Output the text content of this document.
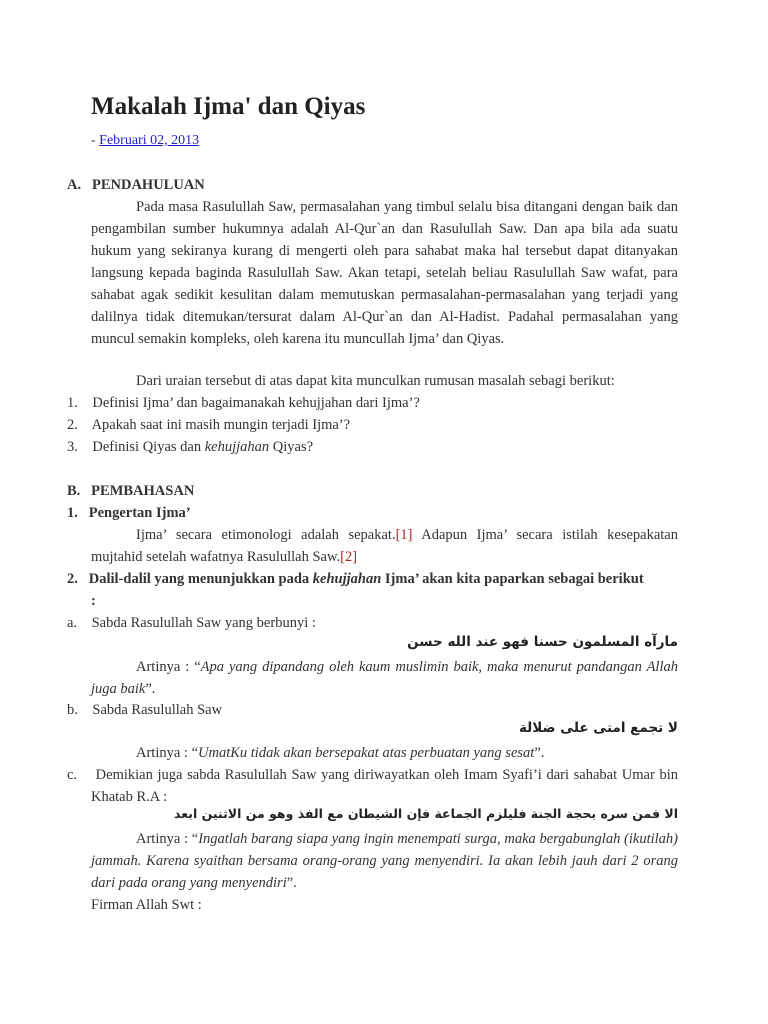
Makalah Ijma' dan Qiyas
- Februari 02, 2013
A. PENDAHULUAN

Pada masa Rasulullah Saw, permasalahan yang timbul selalu bisa ditangani dengan baik dan pengambilan sumber hukumnya adalah Al-Qur`an dan Rasulullah Saw. Dan apa bila ada suatu hukum yang sekiranya kurang di mengerti oleh para sahabat maka hal tersebut dapat ditanyakan langsung kepada baginda Rasulullah Saw. Akan tetapi, setelah beliau Rasulullah Saw wafat, para sahabat agak sedikit kesulitan dalam memutuskan permasalahan-permasalahan yang terjadi yang dalilnya tidak ditemukan/tersurat dalam Al-Qur`an dan Al-Hadist. Padahal permasalahan yang muncul semakin kompleks, oleh karena itu muncullah Ijma’ dan Qiyas.

Dari uraian tersebut di atas dapat kita munculkan rumusan masalah sebagi berikut:
1. Definisi Ijma’ dan bagaimanakah kehujjahan dari Ijma’?
2. Apakah saat ini masih mungin terjadi Ijma’?
3. Definisi Qiyas dan kehujjahan Qiyas?
B. PEMBAHASAN
1. Pengertan Ijma’

Ijma’ secara etimonologi adalah sepakat.[1] Adapun Ijma’ secara istilah kesepakatan mujtahid setelah wafatnya Rasulullah Saw.[2]

2. Dalil-dalil yang menunjukkan pada kehujjahan Ijma’ akan kita paparkan sebagai berikut
:
a. Sabda Rasulullah Saw yang berbunyi :
مارآه المسلمون حسنا فهو عند الله حسن

Artinya : “Apa yang dipandang oleh kaum muslimin baik, maka menurut pandangan Allah juga baik”.

b. Sabda Rasulullah Saw
لا تجمع امتى على ضلالة
Artinya : “UmatKu tidak akan bersepakat atas perbuatan yang sesat”.

c. Demikian juga sabda Rasulullah Saw yang diriwayatkan oleh Imam Syafi’i dari sahabat Umar bin Khatab R.A :

الا فمن سره بحجة الجنة فليلزم الجماعة فإن الشيطان مع الفذ وهو من الاثنين ابعد

Artinya : “Ingatlah barang siapa yang ingin menempati surga, maka bergabunglah (ikutilah) jammah. Karena syaithan bersama orang-orang yang menyendiri. Ia akan lebih jauh dari 2 orang dari pada orang yang menyendiri”.

Firman Allah Swt :
